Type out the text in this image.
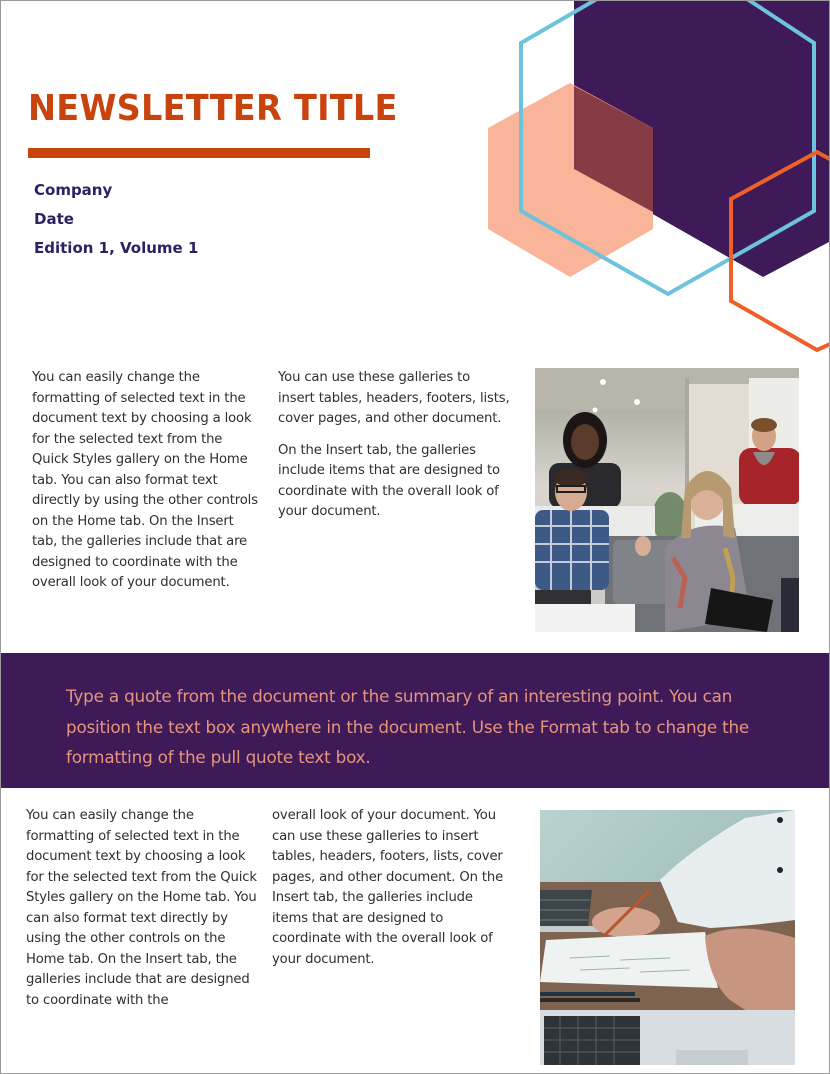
NEWSLETTER TITLE
Company
Date
Edition 1, Volume 1

You can easily change the formatting of selected text in the document text by choosing a look for the selected text from the Quick Styles gallery on the Home tab. You can also format text directly by using the other controls on the Home tab. On the Insert tab, the galleries include that are designed to coordinate with the overall look of your document.

You can use these galleries to insert tables, headers, footers, lists, cover pages, and other document.

On the Insert tab, the galleries include items that are designed to coordinate with the overall look of your document.

Type a quote from the document or the summary of an interesting point. You can position the text box anywhere in the document. Use the Format tab to change the formatting of the pull quote text box.

You can easily change the formatting of selected text in the document text by choosing a look for the selected text from the Quick Styles gallery on the Home tab. You can also format text directly by using the other controls on the Home tab. On the Insert tab, the galleries include that are designed to coordinate with the

overall look of your document. You can use these galleries to insert tables, headers, footers, lists, cover pages, and other document. On the Insert tab, the galleries include items that are designed to coordinate with the overall look of your document.
